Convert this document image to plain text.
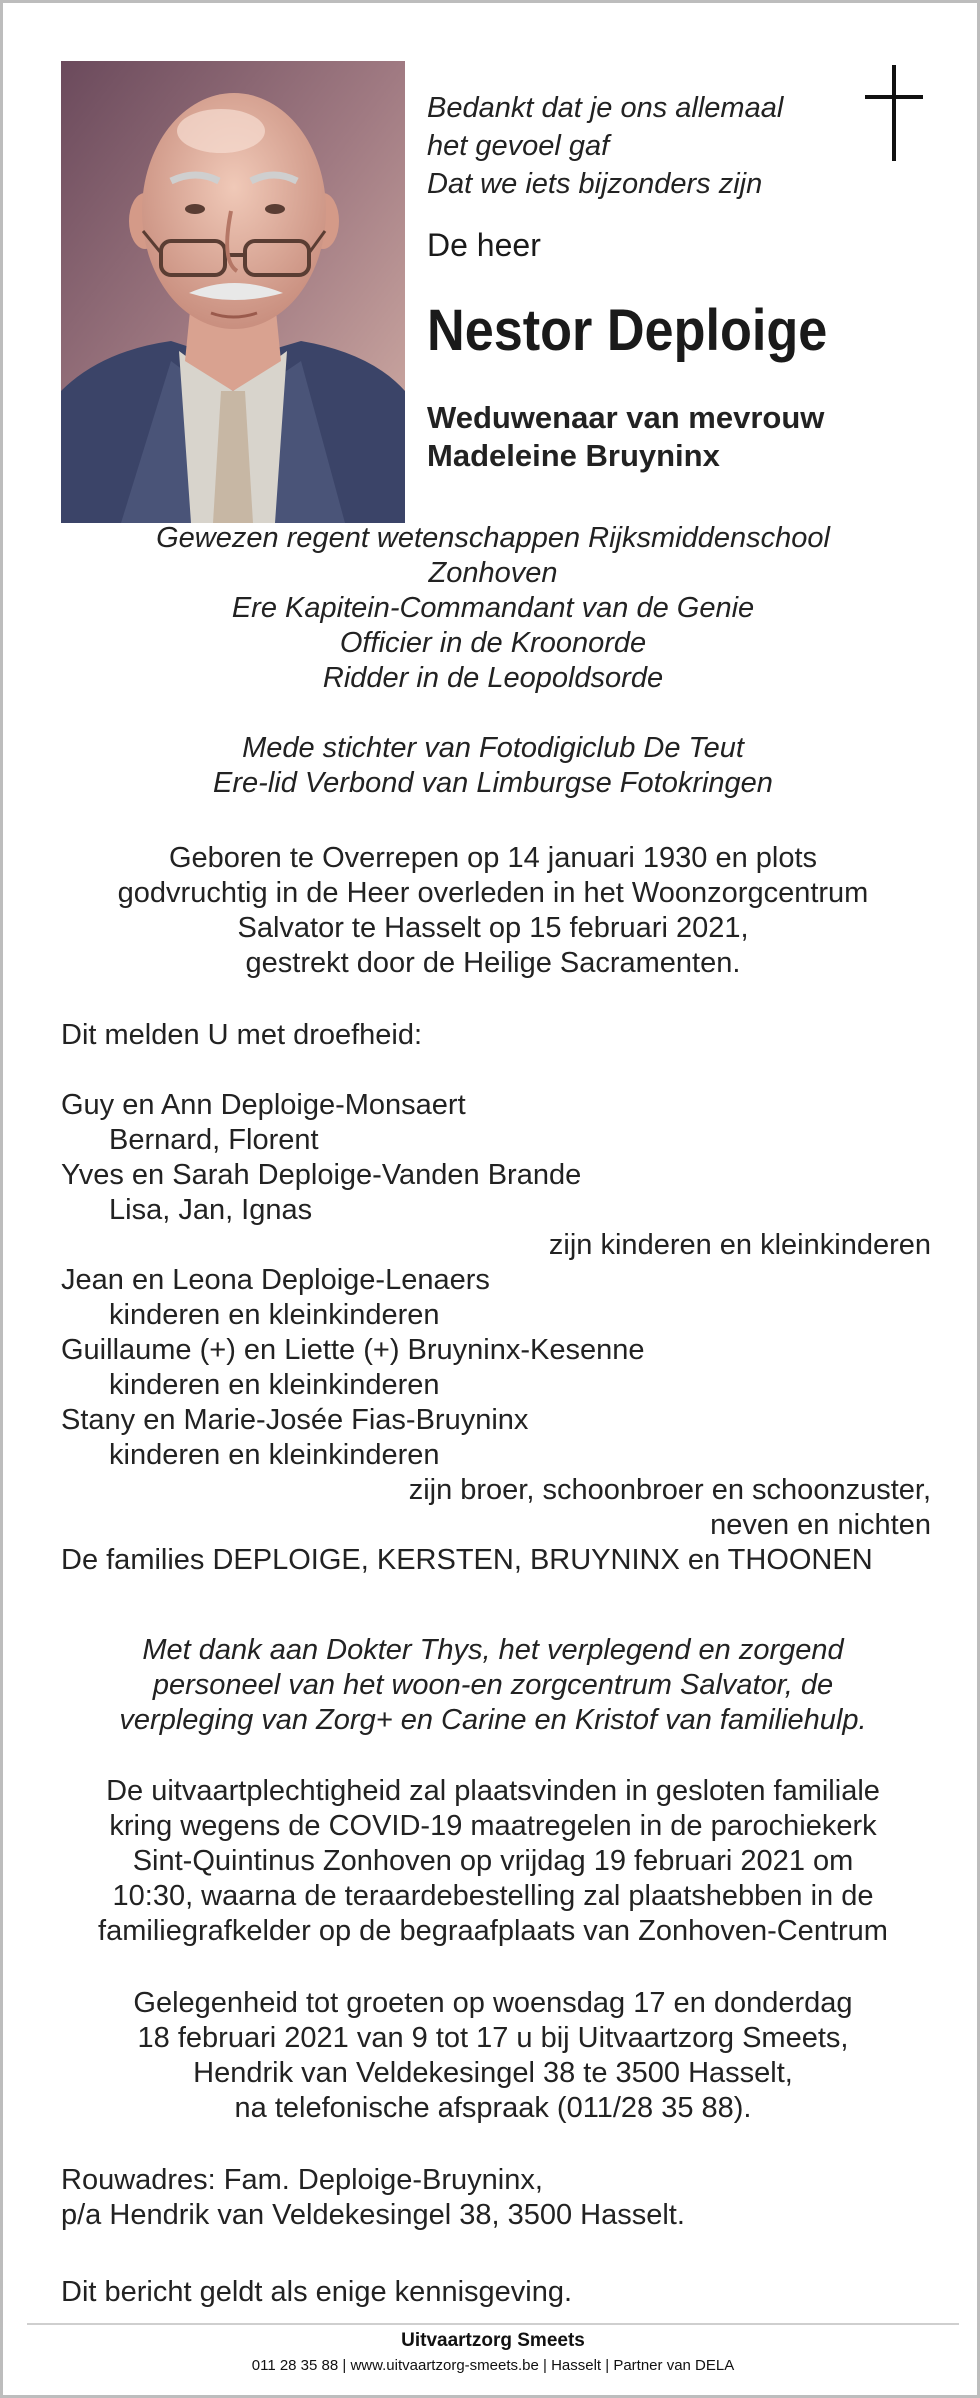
Bedankt dat je ons allemaal
het gevoel gaf
Dat we iets bijzonders zijn
De heer
Nestor Deploige
Weduwenaar van mevrouw
Madeleine Bruyninx
Gewezen regent wetenschappen Rijksmiddenschool
Zonhoven
Ere Kapitein-Commandant van de Genie
Officier in de Kroonorde
Ridder in de Leopoldsorde
Mede stichter van Fotodigiclub De Teut
Ere-lid Verbond van Limburgse Fotokringen
Geboren te Overrepen op 14 januari 1930 en plots
godvruchtig in de Heer overleden in het Woonzorgcentrum
Salvator te Hasselt op 15 februari 2021,
gestrekt door de Heilige Sacramenten.
Dit melden U met droefheid:
Guy en Ann Deploige-Monsaert
Bernard, Florent
Yves en Sarah Deploige-Vanden Brande
Lisa, Jan, Ignas
zijn kinderen en kleinkinderen
Jean en Leona Deploige-Lenaers
kinderen en kleinkinderen
Guillaume (+) en Liette (+) Bruyninx-Kesenne
kinderen en kleinkinderen
Stany en Marie-Josée Fias-Bruyninx
kinderen en kleinkinderen
zijn broer, schoonbroer en schoonzuster,
neven en nichten
De families DEPLOIGE, KERSTEN, BRUYNINX en THOONEN
Met dank aan Dokter Thys, het verplegend en zorgend
personeel van het woon-en zorgcentrum Salvator, de
verpleging van Zorg+ en Carine en Kristof van familiehulp.
De uitvaartplechtigheid zal plaatsvinden in gesloten familiale
kring wegens de COVID-19 maatregelen in de parochiekerk
Sint-Quintinus Zonhoven op vrijdag 19 februari 2021 om
10:30, waarna de teraardebestelling zal plaatshebben in de
familiegrafkelder op de begraafplaats van Zonhoven-Centrum
Gelegenheid tot groeten op woensdag 17 en donderdag
18 februari 2021 van 9 tot 17 u bij Uitvaartzorg Smeets,
Hendrik van Veldekesingel 38 te 3500 Hasselt,
na telefonische afspraak (011/28 35 88).
Rouwadres: Fam. Deploige-Bruyninx,
p/a Hendrik van Veldekesingel 38, 3500 Hasselt.
Dit bericht geldt als enige kennisgeving.
Uitvaartzorg Smeets
011 28 35 88 | www.uitvaartzorg-smeets.be | Hasselt | Partner van DELA
